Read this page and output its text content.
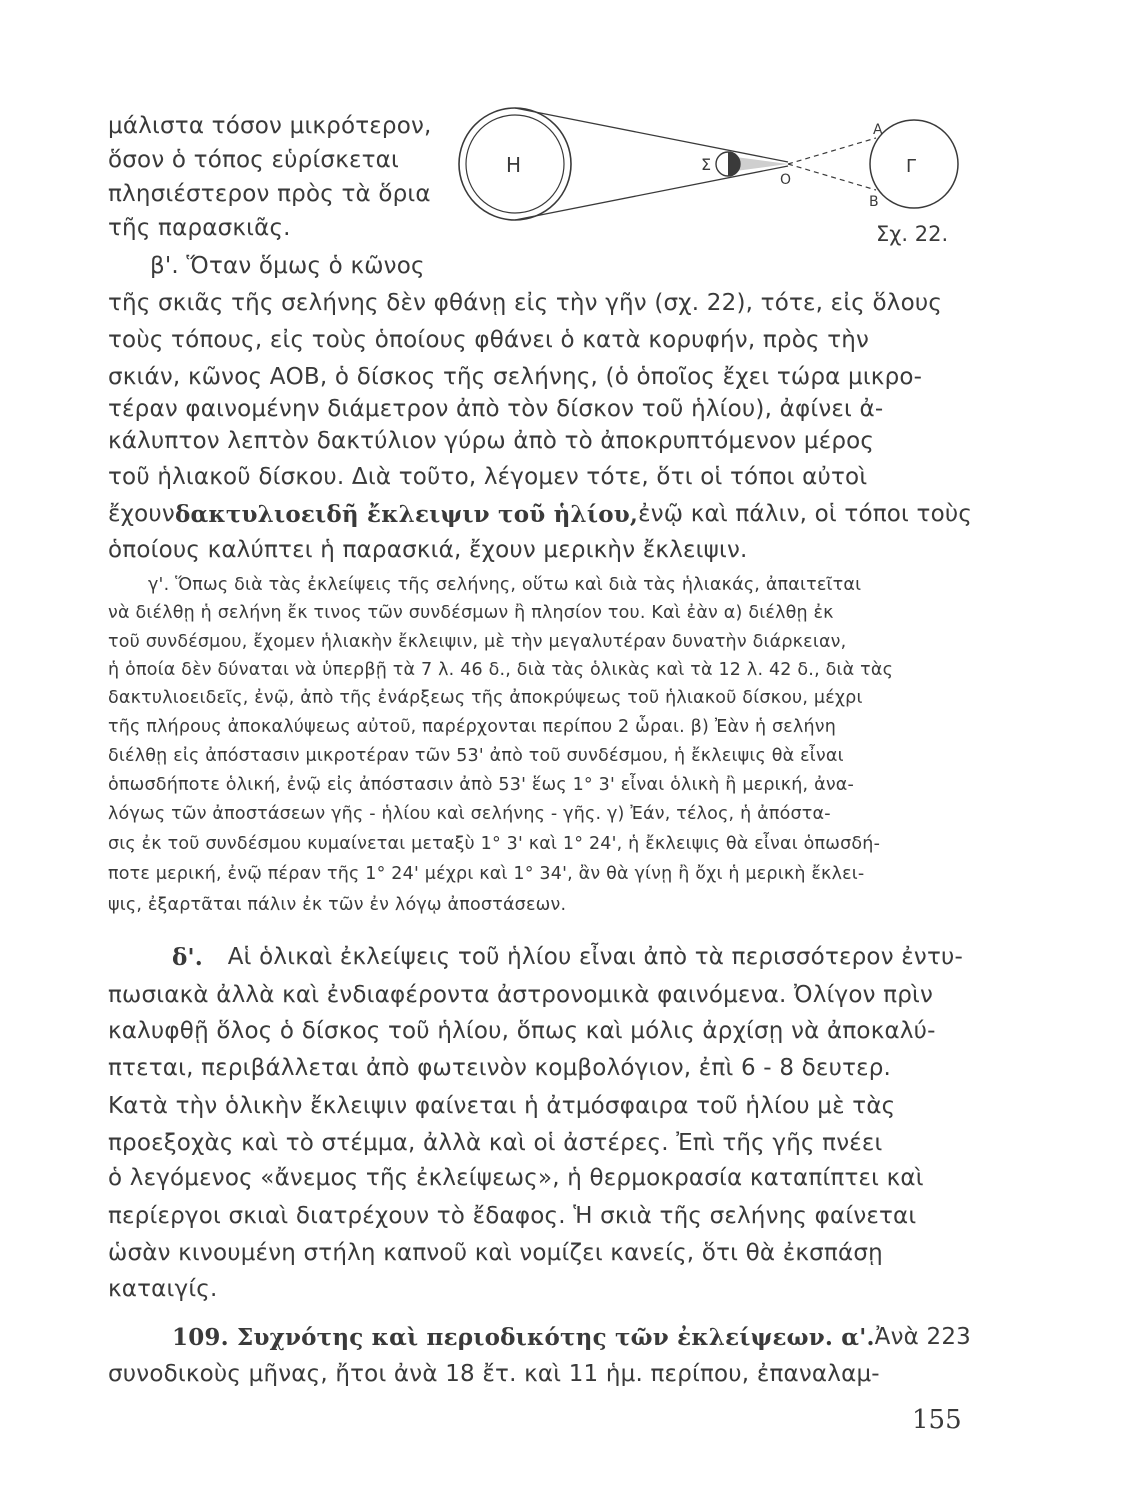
Η	Σ	Γ
Ο
Α
Β
Σχ. 22.

μάλιστα τόσον μικρότερον,

ὅσον ὁ τόπος εὑρίσκεται

πλησιέστερον πρὸς τὰ ὅρια

τῆς παρασκιᾶς.

β'. Ὅταν ὅμως ὁ κῶνος

τῆς σκιᾶς τῆς σελήνης δὲν φθάνῃ εἰς τὴν γῆν (σχ. 22), τότε, εἰς ὅλους

τοὺς τόπους, εἰς τοὺς ὁποίους φθάνει ὁ κατὰ κορυφήν, πρὸς τὴν

σκιάν, κῶνος ΑΟΒ, ὁ δίσκος τῆς σελήνης, (ὁ ὁποῖος ἔχει τώρα μικρο-

τέραν φαινομένην διάμετρον ἀπὸ τὸν δίσκον τοῦ ἡλίου), ἀφίνει ἀ-

κάλυπτον λεπτὸν δακτύλιον γύρω ἀπὸ τὸ ἀποκρυπτόμενον μέρος

τοῦ ἡλιακοῦ δίσκου. Διὰ τοῦτο, λέγομεν τότε, ὅτι οἱ τόποι αὐτοὶ

ἔχουν δακτυλιοειδῆ ἔκλειψιν τοῦ ἡλίου, ἐνῷ καὶ πάλιν, οἱ τόποι τοὺς

ὁποίους καλύπτει ἡ παρασκιά, ἔχουν μερικὴν ἔκλειψιν.

γ'. Ὅπως διὰ τὰς ἐκλείψεις τῆς σελήνης, οὕτω καὶ διὰ τὰς ἡλιακάς, ἀπαιτεῖται

νὰ διέλθῃ ἡ σελήνη ἔκ τινος τῶν συνδέσμων ἢ πλησίον του. Καὶ ἐὰν α) διέλθῃ ἐκ

τοῦ συνδέσμου, ἔχομεν ἡλιακὴν ἔκλειψιν, μὲ τὴν μεγαλυτέραν δυνατὴν διάρκειαν,

ἡ ὁποία δὲν δύναται νὰ ὑπερβῇ τὰ 7 λ. 46 δ., διὰ τὰς ὁλικὰς καὶ τὰ 12 λ. 42 δ., διὰ τὰς

δακτυλιοειδεῖς, ἐνῷ, ἀπὸ τῆς ἐνάρξεως τῆς ἀποκρύψεως τοῦ ἡλιακοῦ δίσκου, μέχρι

τῆς πλήρους ἀποκαλύψεως αὐτοῦ, παρέρχονται περίπου 2 ὧραι. β) Ἐὰν ἡ σελήνη

διέλθῃ εἰς ἀπόστασιν μικροτέραν τῶν 53' ἀπὸ τοῦ συνδέσμου, ἡ ἔκλειψις θὰ εἶναι

ὁπωσδήποτε ὁλική, ἐνῷ εἰς ἀπόστασιν ἀπὸ 53' ἕως 1° 3' εἶναι ὁλικὴ ἢ μερική, ἀνα-

λόγως τῶν ἀποστάσεων γῆς - ἡλίου καὶ σελήνης - γῆς. γ) Ἐάν, τέλος, ἡ ἀπόστα-

σις ἐκ τοῦ συνδέσμου κυμαίνεται μεταξὺ 1° 3' καὶ 1° 24', ἡ ἔκλειψις θὰ εἶναι ὁπωσδή-

ποτε μερική, ἐνῷ πέραν τῆς 1° 24' μέχρι καὶ 1° 34', ἂν θὰ γίνῃ ἢ ὄχι ἡ μερικὴ ἔκλει-

ψις, ἐξαρτᾶται πάλιν ἐκ τῶν ἐν λόγῳ ἀποστάσεων.

δ'. Αἱ ὁλικαὶ ἐκλείψεις τοῦ ἡλίου εἶναι ἀπὸ τὰ περισσότερον ἐντυ-

πωσιακὰ ἀλλὰ καὶ ἐνδιαφέροντα ἀστρονομικὰ φαινόμενα. Ὀλίγον πρὶν

καλυφθῇ ὅλος ὁ δίσκος τοῦ ἡλίου, ὅπως καὶ μόλις ἀρχίσῃ νὰ ἀποκαλύ-

πτεται, περιβάλλεται ἀπὸ φωτεινὸν κομβολόγιον, ἐπὶ 6 - 8 δευτερ.

Κατὰ τὴν ὁλικὴν ἔκλειψιν φαίνεται ἡ ἀτμόσφαιρα τοῦ ἡλίου μὲ τὰς

προεξοχὰς καὶ τὸ στέμμα, ἀλλὰ καὶ οἱ ἀστέρες. Ἐπὶ τῆς γῆς πνέει

ὁ λεγόμενος «ἄνεμος τῆς ἐκλείψεως», ἡ θερμοκρασία καταπίπτει καὶ

περίεργοι σκιαὶ διατρέχουν τὸ ἔδαφος. Ἡ σκιὰ τῆς σελήνης φαίνεται

ὡσὰν κινουμένη στήλη καπνοῦ καὶ νομίζει κανείς, ὅτι θὰ ἐκσπάσῃ

καταιγίς.

109. Συχνότης καὶ περιοδικότης τῶν ἐκλείψεων. α'. Ἀνὰ 223

συνοδικοὺς μῆνας, ἤτοι ἀνὰ 18 ἔτ. καὶ 11 ἡμ. περίπου, ἐπαναλαμ-

155
